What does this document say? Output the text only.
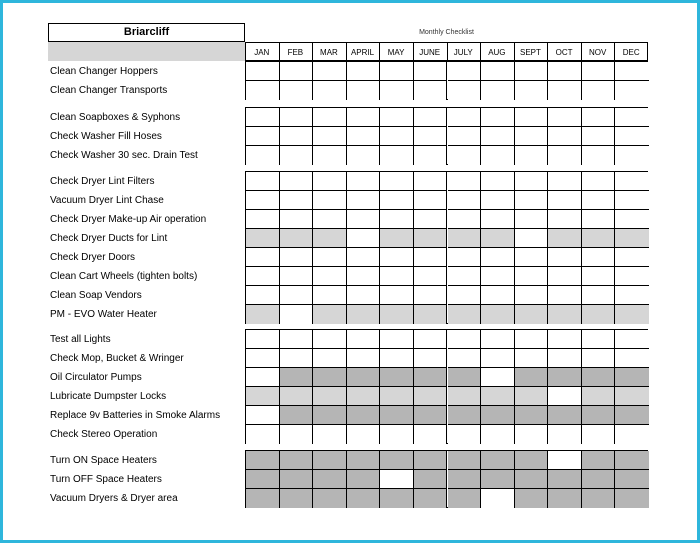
Briarcliff	Monthly Checklist
JAN	FEB	MAR	APRIL	MAY	JUNE	JULY	AUG	SEPT	OCT	NOV	DEC
Clean Changer Hoppers
Clean Changer Transports
Clean Soapboxes & Syphons
Check Washer Fill Hoses
Check Washer 30 sec. Drain Test
Check Dryer Lint Filters
Vacuum Dryer Lint Chase
Check Dryer Make-up Air operation
Check Dryer Ducts for Lint
Check Dryer Doors
Clean Cart Wheels (tighten bolts)
Clean Soap Vendors
PM - EVO Water Heater
Test all Lights
Check Mop, Bucket & Wringer
Oil Circulator Pumps
Lubricate Dumpster Locks
Replace 9v Batteries in Smoke Alarms
Check Stereo Operation
Turn ON Space Heaters
Turn OFF Space Heaters
Vacuum Dryers & Dryer area
